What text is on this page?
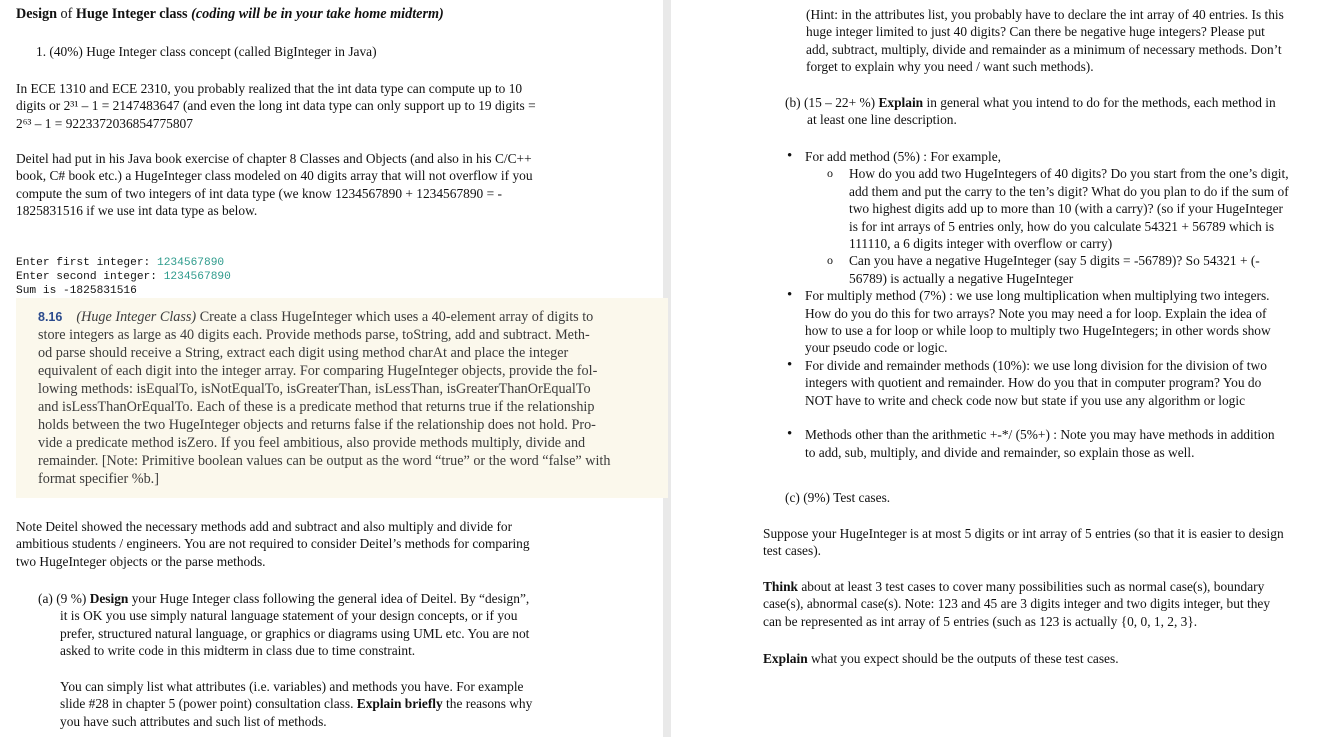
Design of Huge Integer class (coding will be in your take home midterm)

1. (40%) Huge Integer class concept (called BigInteger in Java)

In ECE 1310 and ECE 2310, you probably realized that the int data type can compute up to 10

digits or 2³¹ – 1 = 2147483647 (and even the long int data type can only support up to 19 digits =

2⁶³ – 1 = 9223372036854775807

Deitel had put in his Java book exercise of chapter 8 Classes and Objects (and also in his C/C++

book, C# book etc.) a HugeInteger class modeled on 40 digits array that will not overflow if you

compute the sum of two integers of int data type (we know 1234567890 + 1234567890 = -

1825831516 if we use int data type as below.

Enter first integer: 1234567890
Enter second integer: 1234567890
Sum is -1825831516

8.16 (Huge Integer Class) Create a class HugeInteger which uses a 40-element array of digits to

store integers as large as 40 digits each. Provide methods parse, toString, add and subtract. Meth-

od parse should receive a String, extract each digit using method charAt and place the integer

equivalent of each digit into the integer array. For comparing HugeInteger objects, provide the fol-

lowing methods: isEqualTo, isNotEqualTo, isGreaterThan, isLessThan, isGreaterThanOrEqualTo

and isLessThanOrEqualTo. Each of these is a predicate method that returns true if the relationship

holds between the two HugeInteger objects and returns false if the relationship does not hold. Pro-

vide a predicate method isZero. If you feel ambitious, also provide methods multiply, divide and

remainder. [Note: Primitive boolean values can be output as the word “true” or the word “false” with

format specifier %b.]

Note Deitel showed the necessary methods add and subtract and also multiply and divide for

ambitious students / engineers. You are not required to consider Deitel’s methods for comparing

two HugeInteger objects or the parse methods.

(a) (9 %) Design your Huge Integer class following the general idea of Deitel. By “design”,

it is OK you use simply natural language statement of your design concepts, or if you

prefer, structured natural language, or graphics or diagrams using UML etc. You are not

asked to write code in this midterm in class due to time constraint.

You can simply list what attributes (i.e. variables) and methods you have. For example

slide #28 in chapter 5 (power point) consultation class. Explain briefly the reasons why

you have such attributes and such list of methods.

(Hint: in the attributes list, you probably have to declare the int array of 40 entries. Is this

huge integer limited to just 40 digits? Can there be negative huge integers? Please put

add, subtract, multiply, divide and remainder as a minimum of necessary methods. Don’t

forget to explain why you need / want such methods).

(b) (15 – 22+ %) Explain in general what you intend to do for the methods, each method in

at least one line description.

• For add method (5%) : For example,

o How do you add two HugeIntegers of 40 digits? Do you start from the one’s digit,

add them and put the carry to the ten’s digit? What do you plan to do if the sum of

two highest digits add up to more than 10 (with a carry)? (so if your HugeInteger

is for int arrays of 5 entries only, how do you calculate 54321 + 56789 which is

111110, a 6 digits integer with overflow or carry)

o Can you have a negative HugeInteger (say 5 digits = -56789)? So 54321 + (-

56789) is actually a negative HugeInteger

• For multiply method (7%) : we use long multiplication when multiplying two integers.

How do you do this for two arrays? Note you may need a for loop. Explain the idea of

how to use a for loop or while loop to multiply two HugeIntegers; in other words show

your pseudo code or logic.

• For divide and remainder methods (10%): we use long division for the division of two

integers with quotient and remainder. How do you that in computer program? You do

NOT have to write and check code now but state if you use any algorithm or logic

• Methods other than the arithmetic +-*/ (5%+) : Note you may have methods in addition

to add, sub, multiply, and divide and remainder, so explain those as well.

(c) (9%) Test cases.

Suppose your HugeInteger is at most 5 digits or int array of 5 entries (so that it is easier to design

test cases).

Think about at least 3 test cases to cover many possibilities such as normal case(s), boundary

case(s), abnormal case(s). Note: 123 and 45 are 3 digits integer and two digits integer, but they

can be represented as int array of 5 entries (such as 123 is actually {0, 0, 1, 2, 3}.

Explain what you expect should be the outputs of these test cases.
